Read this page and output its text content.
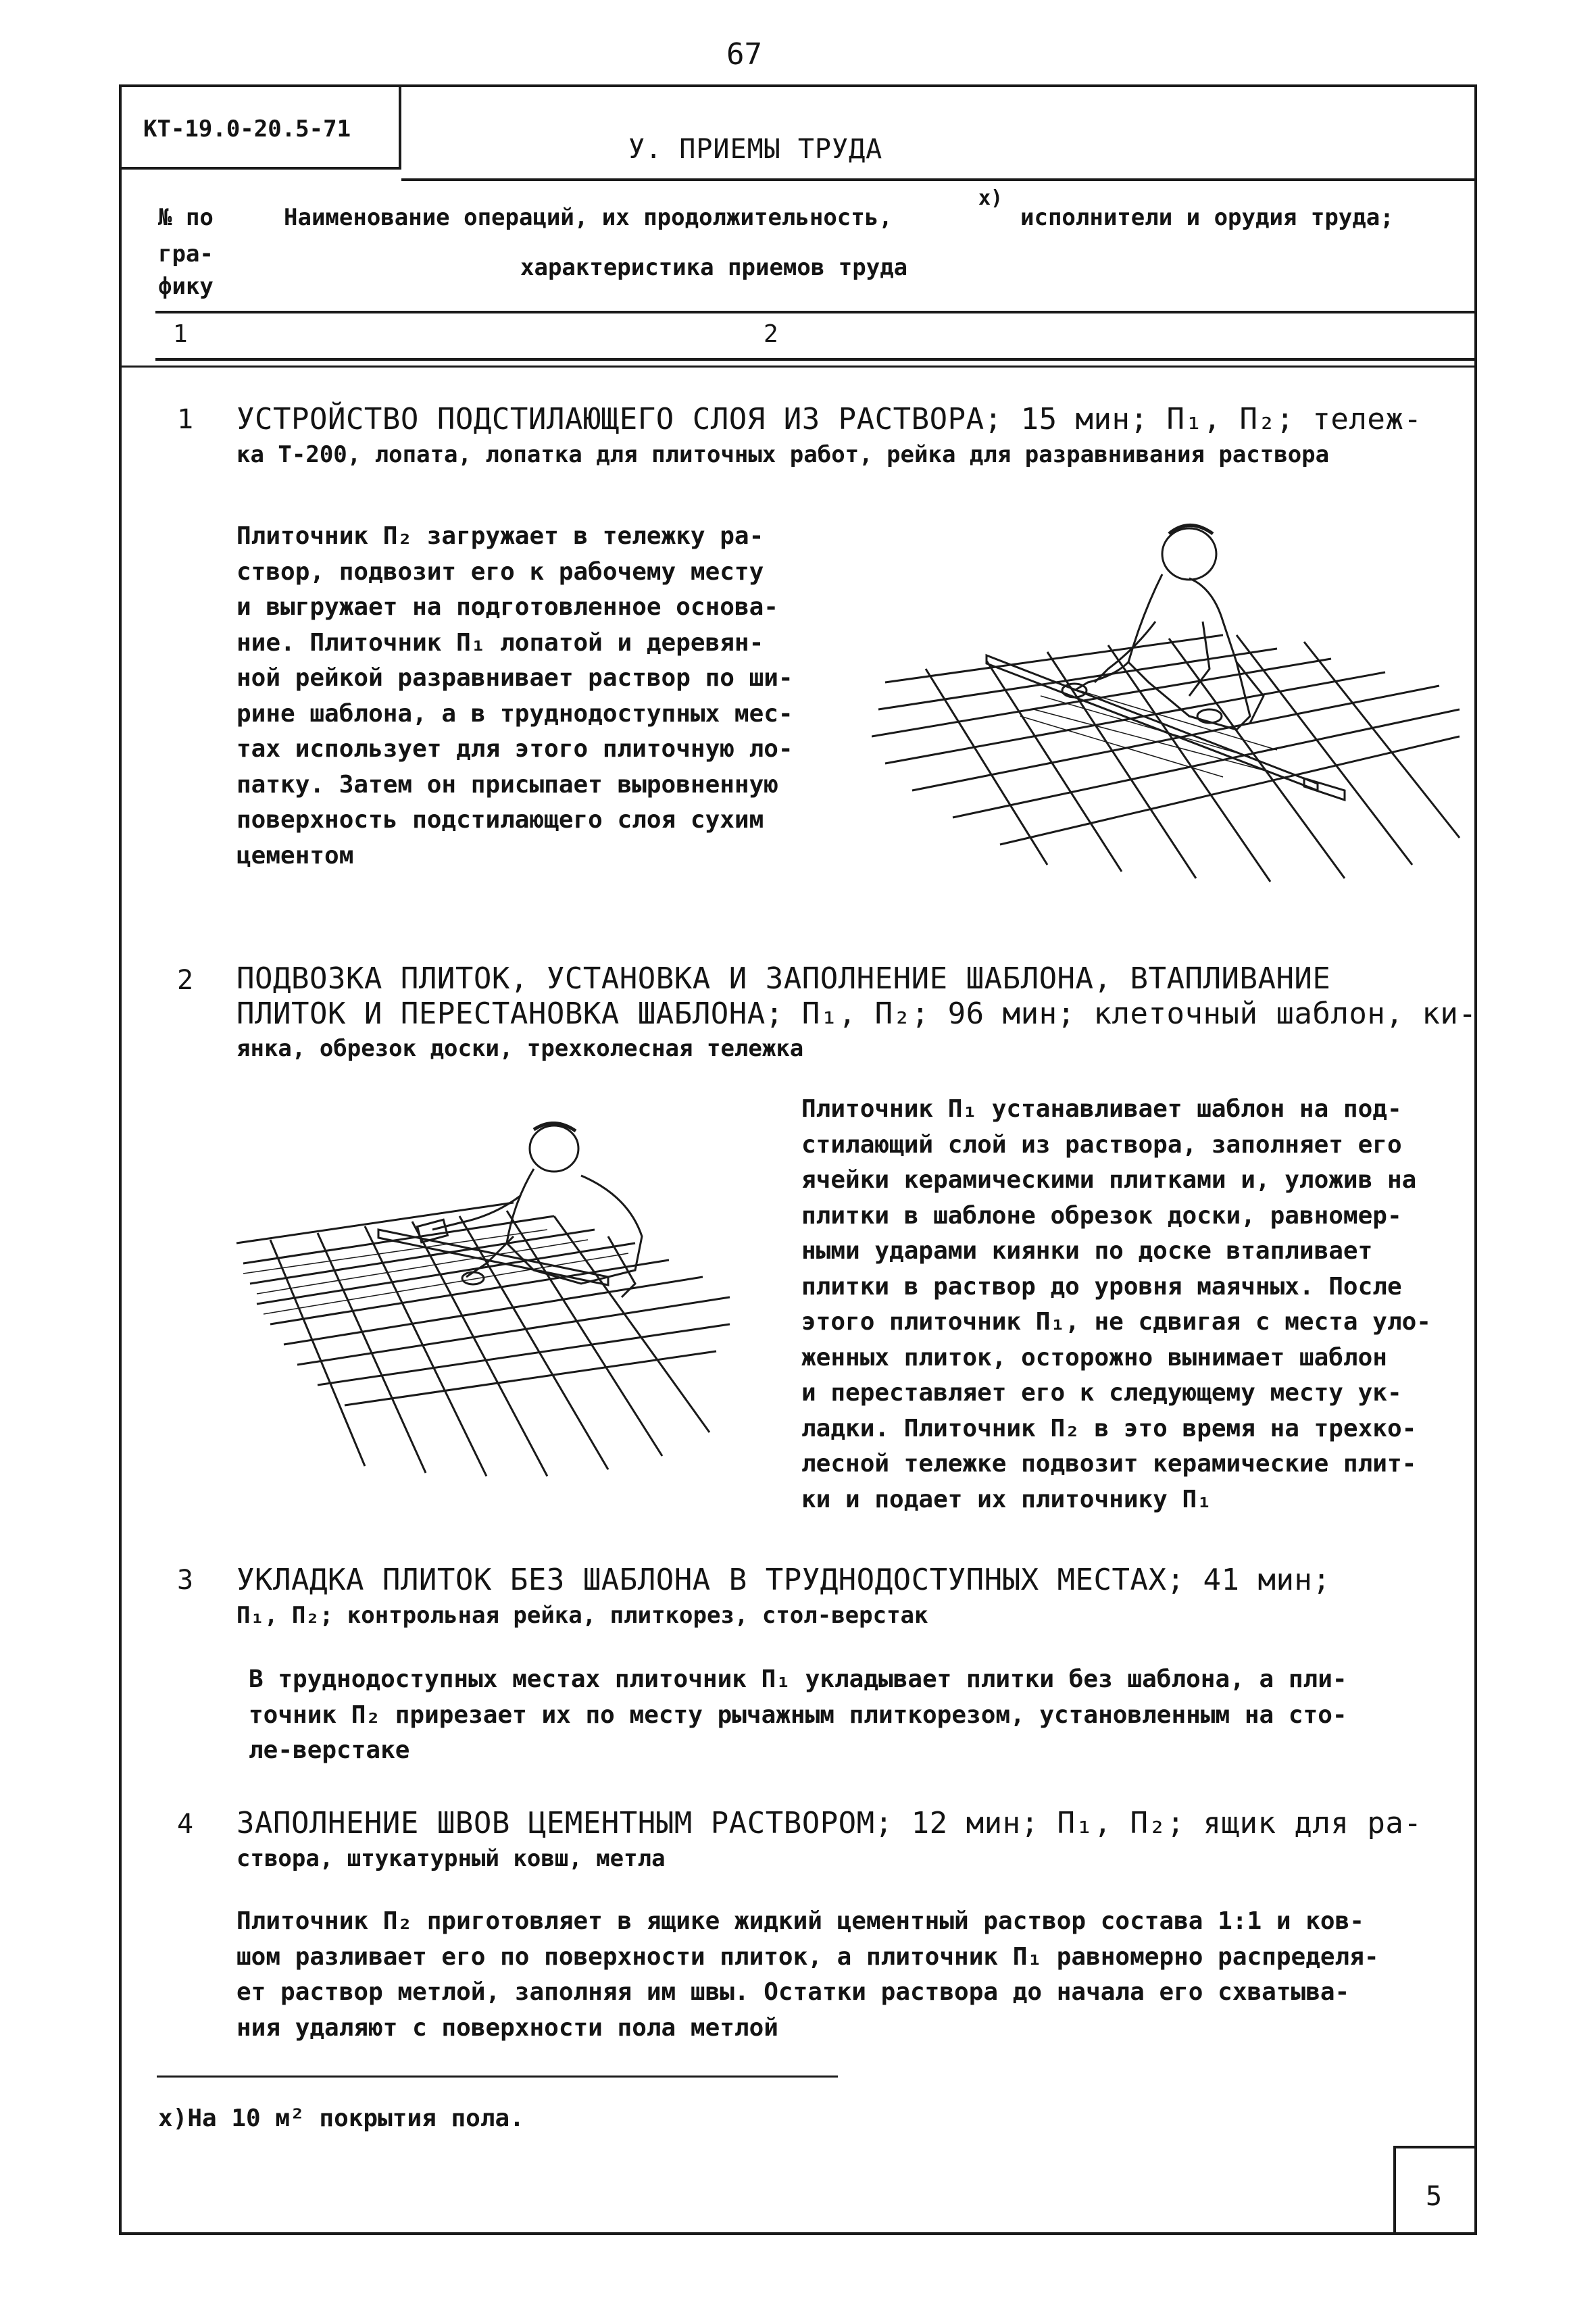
67
КТ-19.0-20.5-71
У. ПРИЕМЫ ТРУДА
№ по
гра-
фику
Наименование операций, их продолжительность,
x)
исполнители и орудия труда;
характеристика приемов труда
1	2
1 УСТРОЙСТВО ПОДСТИЛАЮЩЕГО СЛОЯ ИЗ РАСТВОРА; 15 мин; П₁, П₂; тележ-
ка Т-200, лопата, лопатка для плиточных работ, рейка для разравнивания раствора
Плиточник П₂ загружает в тележку ра-
створ, подвозит его к рабочему месту
и выгружает на подготовленное основа-
ние. Плиточник П₁ лопатой и деревян-
ной рейкой разравнивает раствор по ши-
рине шаблона, а в труднодоступных мес-
тах использует для этого плиточную ло-
патку. Затем он присыпает выровненную
поверхность подстилающего слоя сухим
цементом
2 ПОДВОЗКА ПЛИТОК, УСТАНОВКА И ЗАПОЛНЕНИЕ ШАБЛОНА, ВТАПЛИВАНИЕ
ПЛИТОК И ПЕРЕСТАНОВКА ШАБЛОНА; П₁, П₂; 96 мин; клеточный шаблон, ки-
янка, обрезок доски, трехколесная тележка
Плиточник П₁ устанавливает шаблон на под-
стилающий слой из раствора, заполняет его
ячейки керамическими плитками и, уложив на
плитки в шаблоне обрезок доски, равномер-
ными ударами киянки по доске втапливает
плитки в раствор до уровня маячных. После
этого плиточник П₁, не сдвигая с места уло-
женных плиток, осторожно вынимает шаблон
и переставляет его к следующему месту ук-
ладки. Плиточник П₂ в это время на трехко-
лесной тележке подвозит керамические плит-
ки и подает их плиточнику П₁
3 УКЛАДКА ПЛИТОК БЕЗ ШАБЛОНА В ТРУДНОДОСТУПНЫХ МЕСТАХ; 41 мин;
П₁, П₂; контрольная рейка, плиткорез, стол-верстак
В труднодоступных местах плиточник П₁ укладывает плитки без шаблона, а пли-
точник П₂ прирезает их по месту рычажным плиткорезом, установленным на сто-
ле-верстаке
4 ЗАПОЛНЕНИЕ ШВОВ ЦЕМЕНТНЫМ РАСТВОРОМ; 12 мин; П₁, П₂; ящик для ра-
створа, штукатурный ковш, метла
Плиточник П₂ приготовляет в ящике жидкий цементный раствор состава 1:1 и ков-
шом разливает его по поверхности плиток, а плиточник П₁ равномерно распределя-
ет раствор метлой, заполняя им швы. Остатки раствора до начала его схватыва-
ния удаляют с поверхности пола метлой
x)На 10 м² покрытия пола.
5
